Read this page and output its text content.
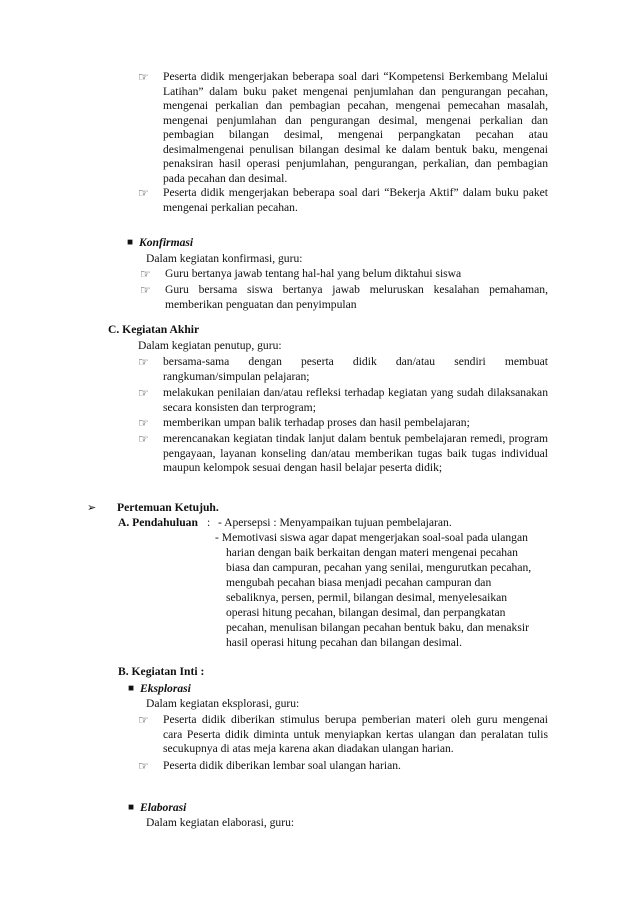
☞	Peserta didik mengerjakan beberapa soal dari “Kompetensi Berkembang Melalui Latihan” dalam buku paket mengenai penjumlahan dan pengurangan pecahan, mengenai perkalian dan pembagian pecahan, mengenai pemecahan masalah, mengenai penjumlahan dan pengurangan desimal, mengenai perkalian dan pembagian bilangan desimal, mengenai perpangkatan pecahan atau desimalmengenai penulisan bilangan desimal ke dalam bentuk baku, mengenai penaksiran hasil operasi penjumlahan, pengurangan, perkalian, dan pembagian pada pecahan dan desimal.
☞	Peserta didik mengerjakan beberapa soal dari “Bekerja Aktif” dalam buku paket mengenai perkalian pecahan.
■ Konfirmasi
Dalam kegiatan konfirmasi, guru:
☞	Guru bertanya jawab tentang hal-hal yang belum diktahui siswa
☞	Guru bersama siswa bertanya jawab meluruskan kesalahan pemahaman, memberikan penguatan dan penyimpulan
C. Kegiatan Akhir
Dalam kegiatan penutup, guru:
☞	bersama-sama dengan peserta didik dan/atau sendiri membuat rangkuman/simpulan pelajaran;
☞	melakukan penilaian dan/atau refleksi terhadap kegiatan yang sudah dilaksanakan secara konsisten dan terprogram;
☞	memberikan umpan balik terhadap proses dan hasil pembelajaran;
☞	merencanakan kegiatan tindak lanjut dalam bentuk pembelajaran remedi, program pengayaan, layanan konseling dan/atau memberikan tugas baik tugas individual maupun kelompok sesuai dengan hasil belajar peserta didik;
➢	Pertemuan Ketujuh.
A. Pendahuluan : - Apersepsi : Menyampaikan tujuan pembelajaran.
- Memotivasi siswa agar dapat mengerjakan soal-soal pada ulangan
harian dengan baik berkaitan dengan materi mengenai pecahan
biasa dan campuran, pecahan yang senilai, mengurutkan pecahan,
mengubah pecahan biasa menjadi pecahan campuran dan
sebaliknya, persen, permil, bilangan desimal, menyelesaikan
operasi hitung pecahan, bilangan desimal, dan perpangkatan
pecahan, menulisan bilangan pecahan bentuk baku, dan menaksir
hasil operasi hitung pecahan dan bilangan desimal.
B. Kegiatan Inti :
■ Eksplorasi
Dalam kegiatan eksplorasi, guru:
☞	Peserta didik diberikan stimulus berupa pemberian materi oleh guru mengenai cara Peserta didik diminta untuk menyiapkan kertas ulangan dan peralatan tulis secukupnya di atas meja karena akan diadakan ulangan harian.
☞	Peserta didik diberikan lembar soal ulangan harian.
■ Elaborasi
Dalam kegiatan elaborasi, guru:
